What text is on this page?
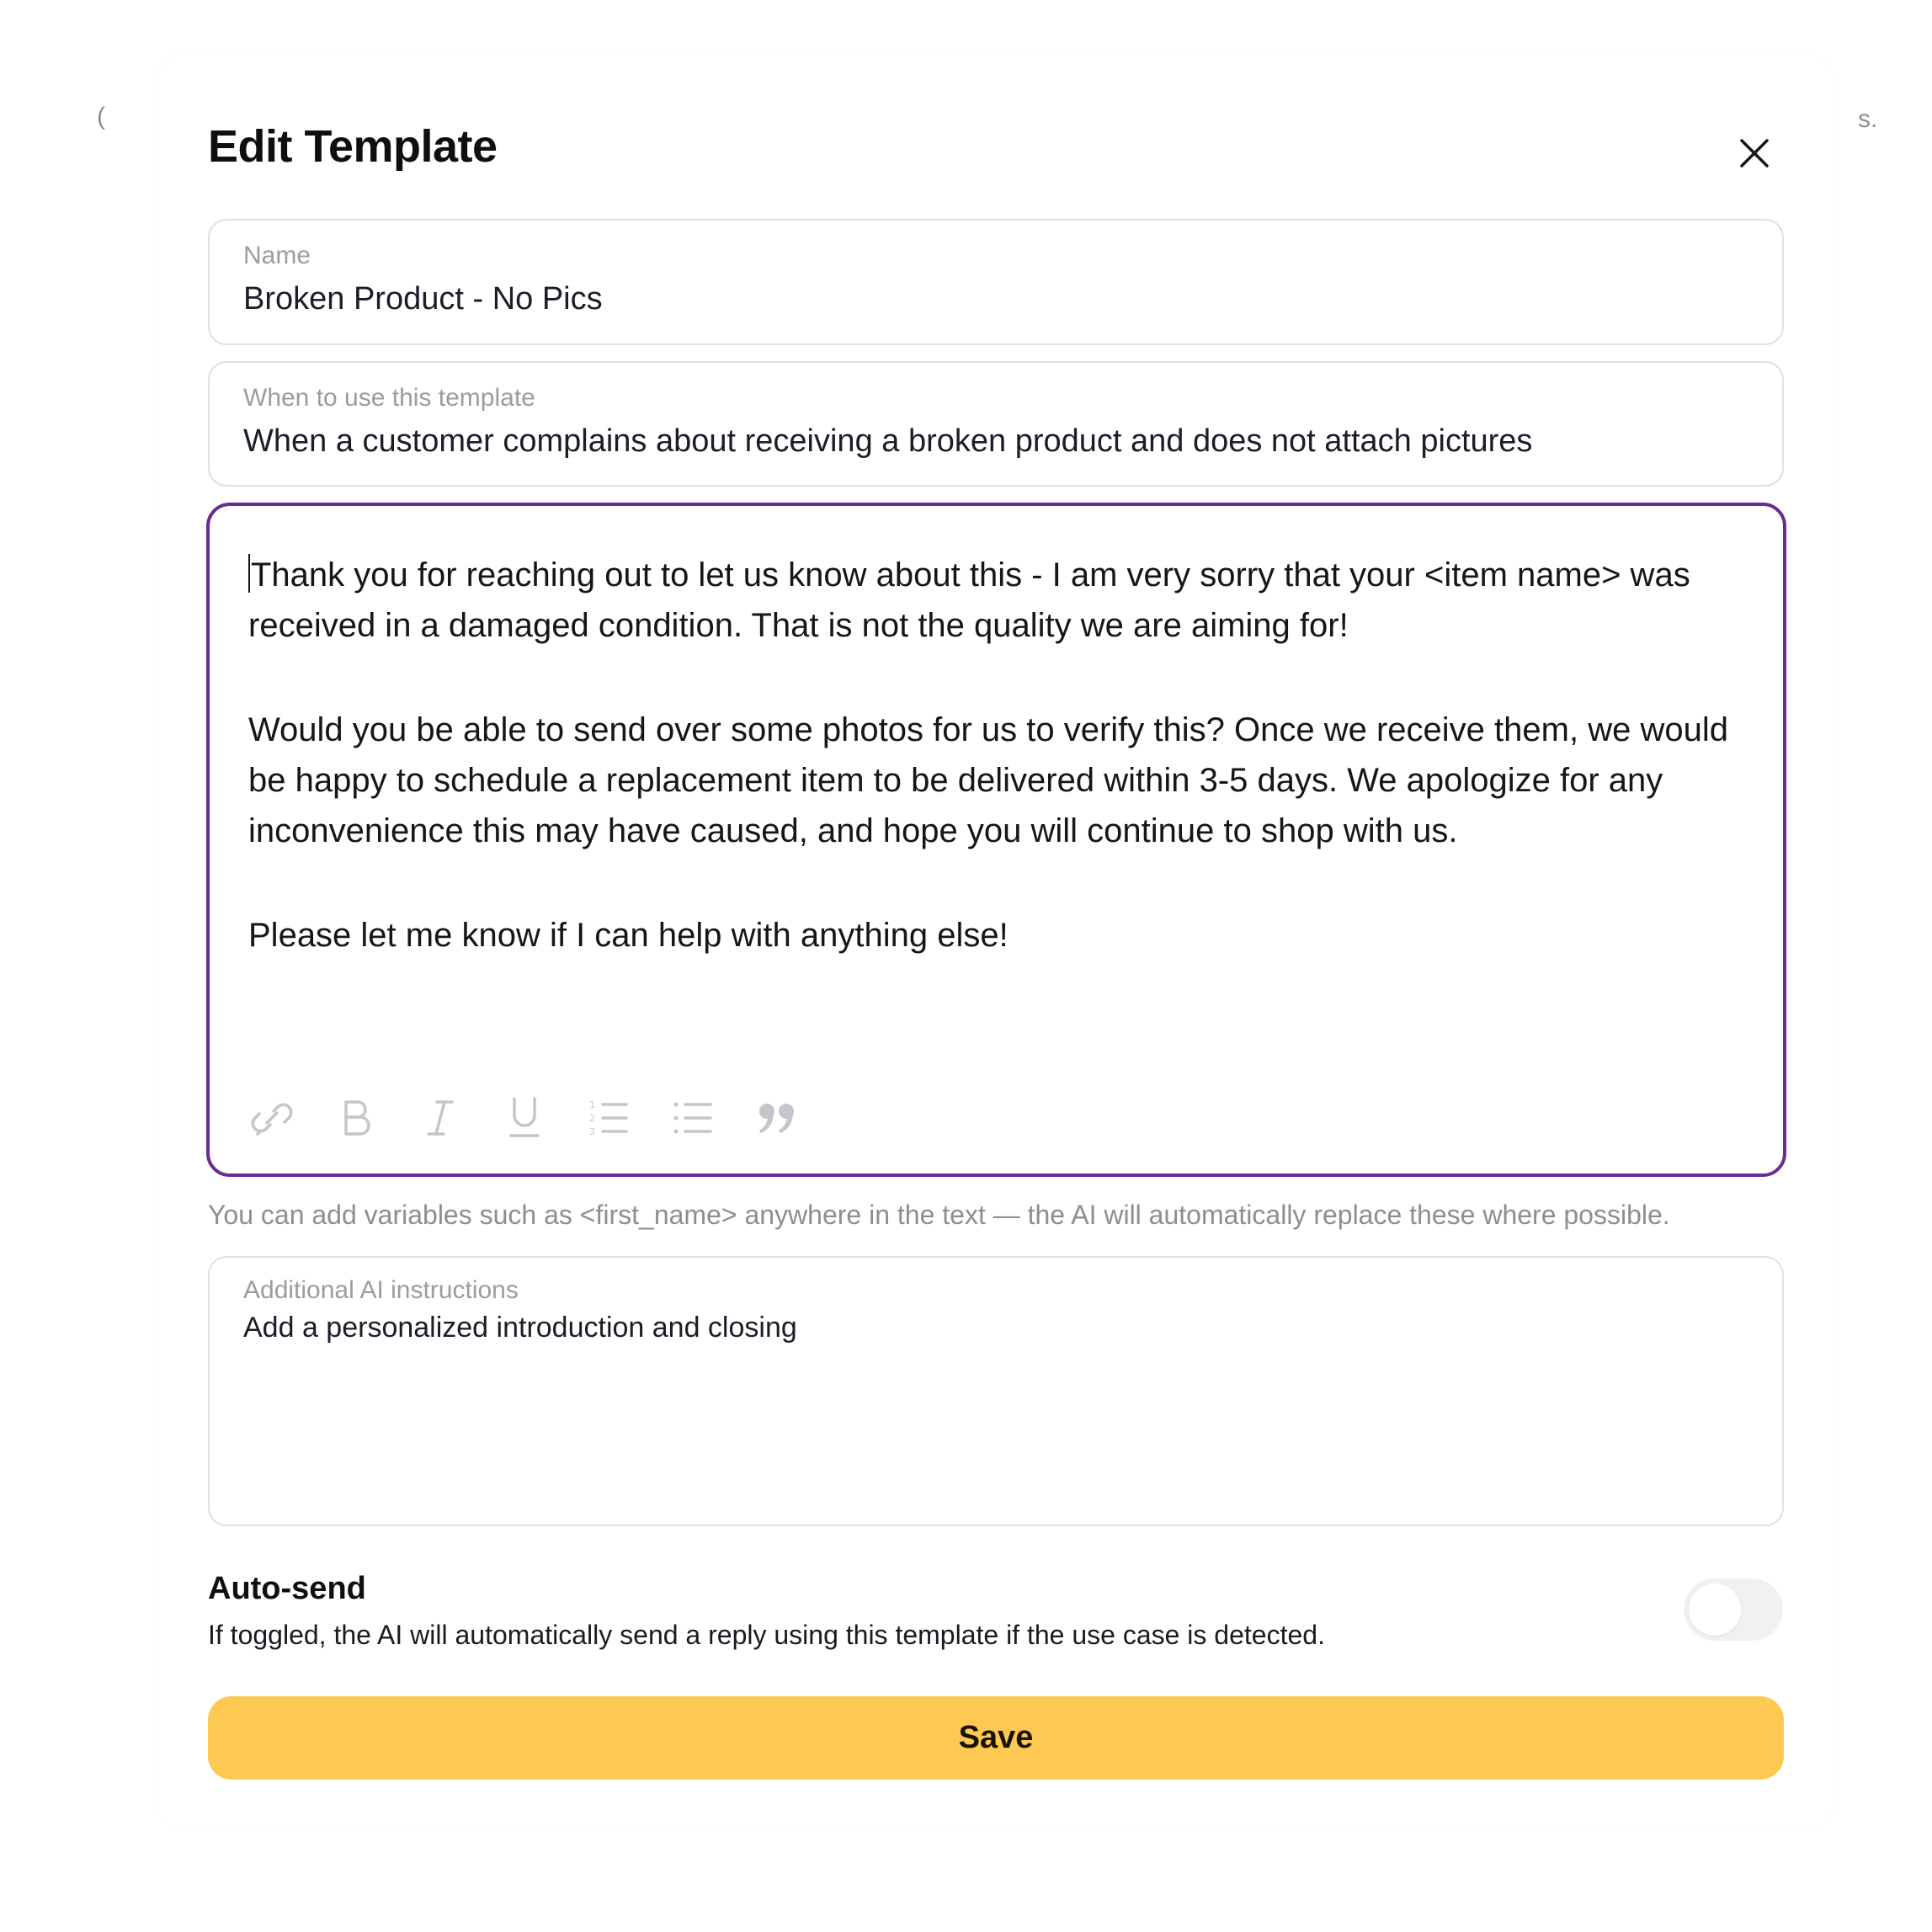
(	s.
Edit Template
Name
Broken Product - No Pics
When to use this template
When a customer complains about receiving a broken product and does not attach pictures

Thank you for reaching out to let us know about this - I am very sorry that your <item name> was received in a damaged condition. That is not the quality we are aiming for!

Would you be able to send over some photos for us to verify this? Once we receive them, we would be happy to schedule a replacement item to be delivered within 3-5 days. We apologize for any inconvenience this may have caused, and hope you will continue to shop with us.

Please let me know if I can help with anything else!

1
2
3
You can add variables such as <first_name> anywhere in the text — the AI will automatically replace these where possible.
Additional AI instructions
Add a personalized introduction and closing
Auto-send
If toggled, the AI will automatically send a reply using this template if the use case is detected.
Save
